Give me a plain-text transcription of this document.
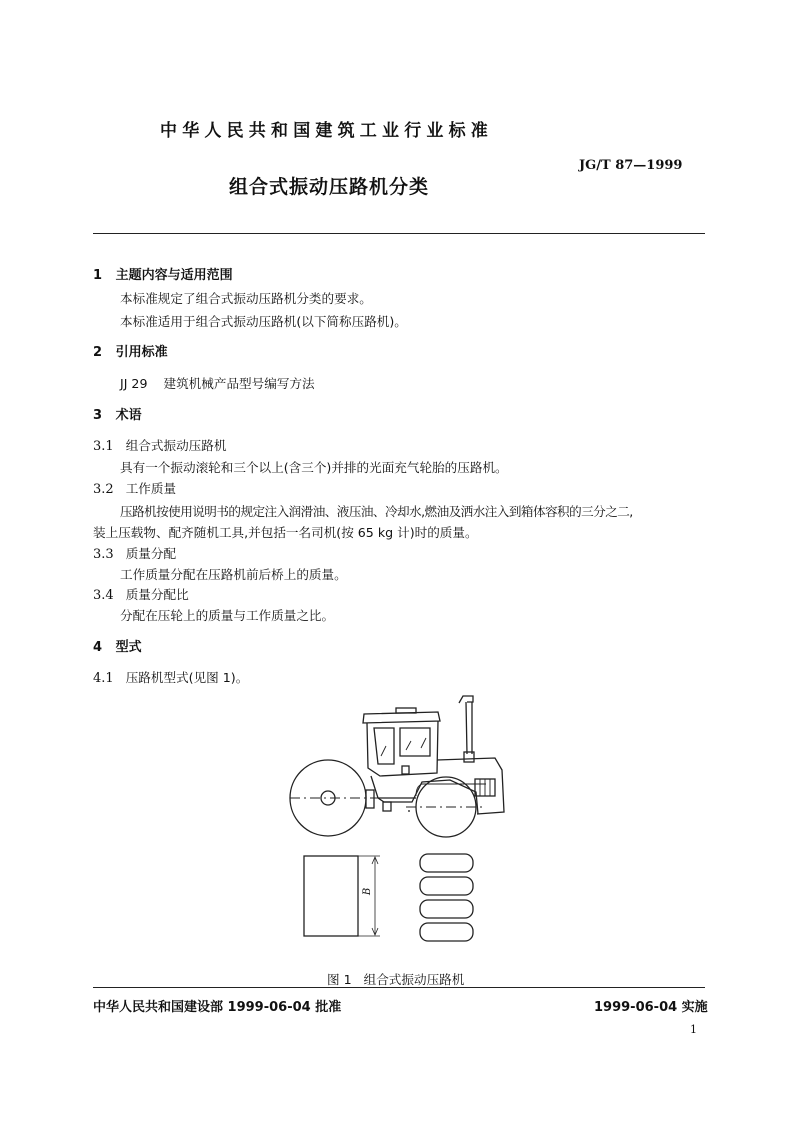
中华人民共和国建筑工业行业标准
JG/T 87—1999
组合式振动压路机分类
1 主题内容与适用范围
本标准规定了组合式振动压路机分类的要求。
本标准适用于组合式振动压路机(以下简称压路机)。
2 引用标准
JJ 29    建筑机械产品型号编写方法
3 术语
3.1 组合式振动压路机
具有一个振动滚轮和三个以上(含三个)并排的光面充气轮胎的压路机。
3.2 工作质量
压路机按使用说明书的规定注入润滑油、液压油、冷却水,燃油及洒水注入到箱体容积的三分之二,
装上压载物、配齐随机工具,并包括一名司机(按 65 kg 计)时的质量。
3.3 质量分配
工作质量分配在压路机前后桥上的质量。
3.4 质量分配比
分配在压轮上的质量与工作质量之比。
4 型式
4.1 压路机型式(见图 1)。
B
图 1   组合式振动压路机
中华人民共和国建设部 1999-06-04 批准	1999-06-04 实施
1
